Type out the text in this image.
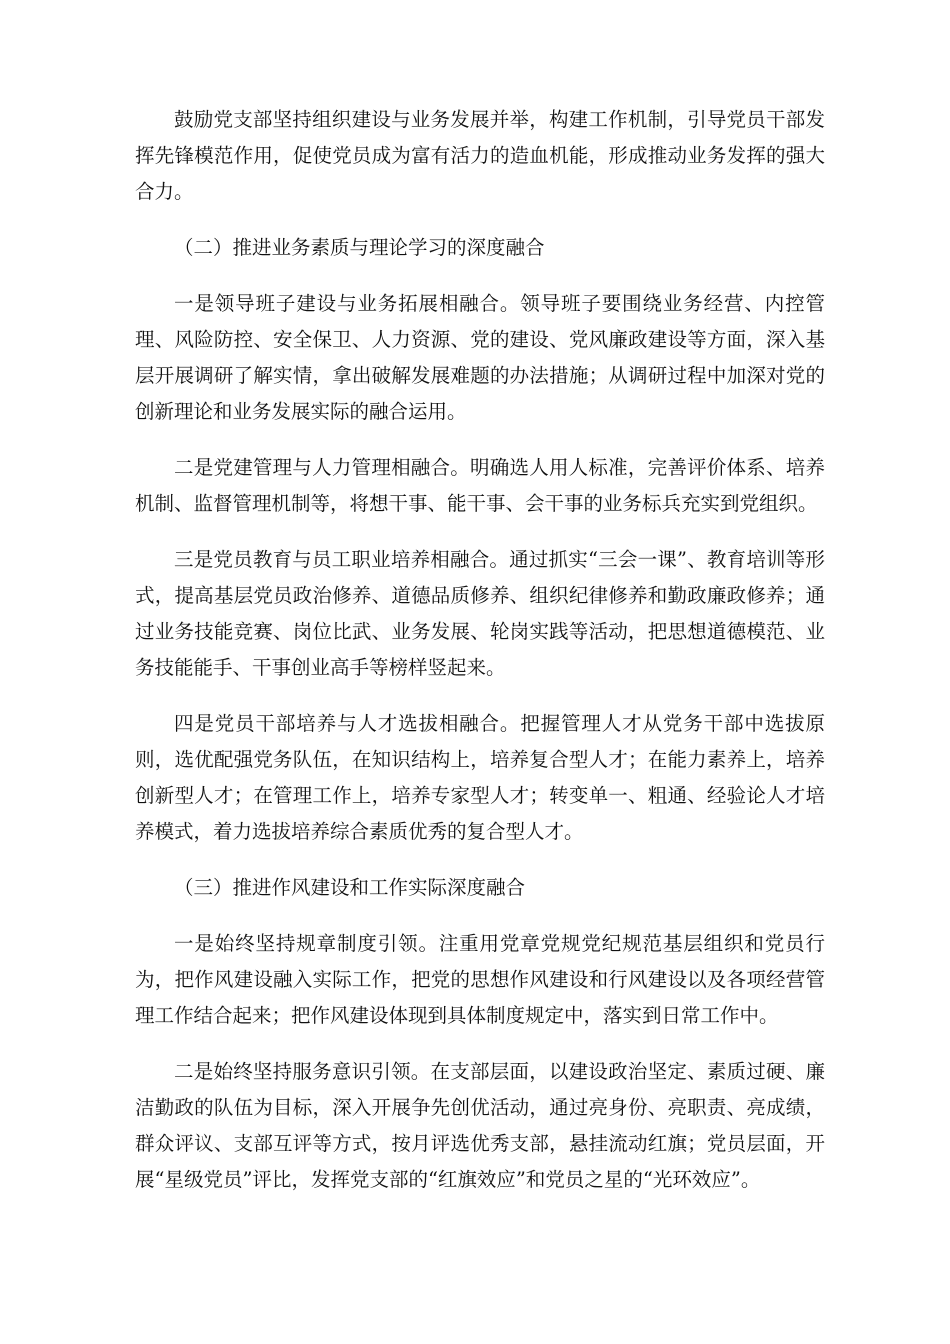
鼓励党支部坚持组织建设与业务发展并举，构建工作机制，引导党员干部发挥先锋模范作用，促使党员成为富有活力的造血机能，形成推动业务发挥的强大合力。

（二）推进业务素质与理论学习的深度融合

一是领导班子建设与业务拓展相融合。领导班子要围绕业务经营、内控管理、风险防控、安全保卫、人力资源、党的建设、党风廉政建设等方面，深入基层开展调研了解实情，拿出破解发展难题的办法措施；从调研过程中加深对党的创新理论和业务发展实际的融合运用。

二是党建管理与人力管理相融合。明确选人用人标准，完善评价体系、培养机制、监督管理机制等，将想干事、能干事、会干事的业务标兵充实到党组织。

三是党员教育与员工职业培养相融合。通过抓实“三会一课”、教育培训等形式，提高基层党员政治修养、道德品质修养、组织纪律修养和勤政廉政修养；通过业务技能竞赛、岗位比武、业务发展、轮岗实践等活动，把思想道德模范、业务技能能手、干事创业高手等榜样竖起来。

四是党员干部培养与人才选拔相融合。把握管理人才从党务干部中选拔原则，选优配强党务队伍，在知识结构上，培养复合型人才；在能力素养上，培养创新型人才；在管理工作上，培养专家型人才；转变单一、粗通、经验论人才培养模式，着力选拔培养综合素质优秀的复合型人才。

（三）推进作风建设和工作实际深度融合

一是始终坚持规章制度引领。注重用党章党规党纪规范基层组织和党员行为，把作风建设融入实际工作，把党的思想作风建设和行风建设以及各项经营管理工作结合起来；把作风建设体现到具体制度规定中，落实到日常工作中。

二是始终坚持服务意识引领。在支部层面，以建设政治坚定、素质过硬、廉洁勤政的队伍为目标，深入开展争先创优活动，通过亮身份、亮职责、亮成绩，群众评议、支部互评等方式，按月评选优秀支部，悬挂流动红旗；党员层面，开展“星级党员”评比，发挥党支部的“红旗效应”和党员之星的“光环效应”。
